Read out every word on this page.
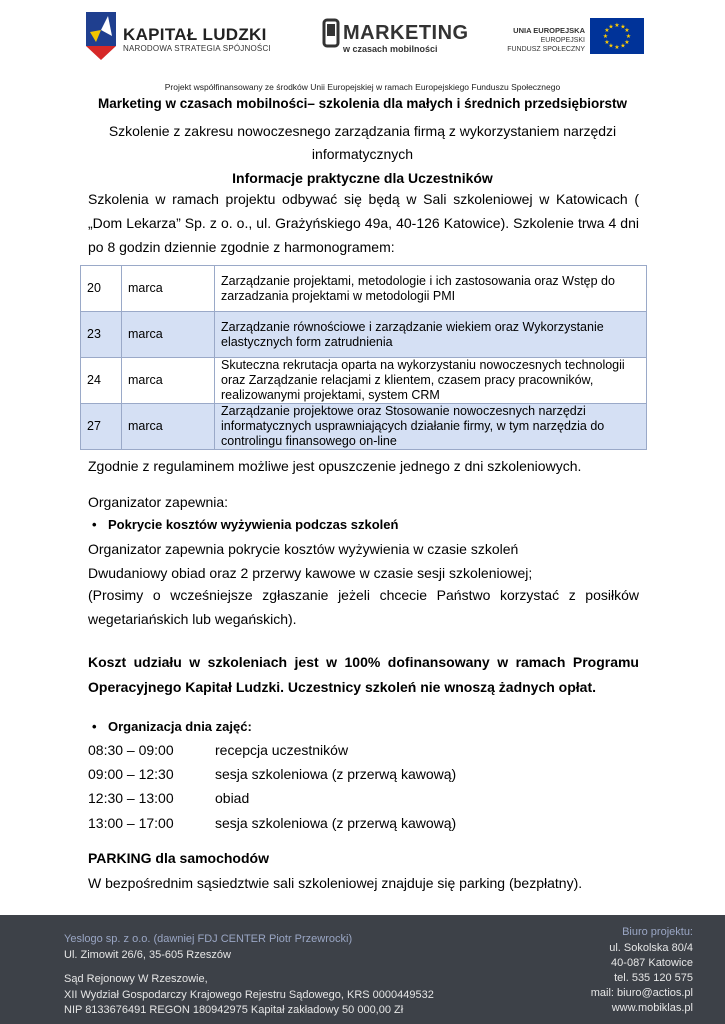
KAPITAŁ LUDZKI
NARODOWA STRATEGIA SPÓJNOŚCI
MARKETING
w czasach mobilności
UNIA EUROPEJSKA
EUROPEJSKI
FUNDUSZ SPOŁECZNY
★ ★
★
★
★
★
★
★
★
★
★
★
Projekt współfinansowany ze środków Unii Europejskiej w ramach Europejskiego Funduszu Społecznego
Marketing w czasach mobilności– szkolenia dla małych i średnich przedsiębiorstw
Szkolenie z zakresu nowoczesnego zarządzania firmą z wykorzystaniem narzędzi
informatycznych
Informacje praktyczne dla Uczestników
Szkolenia w ramach projektu odbywać się będą w Sali szkoleniowej w Katowicach ( „Dom Lekarza” Sp. z o. o., ul. Grażyńskiego 49a, 40-126 Katowice). Szkolenie trwa 4 dni po 8 godzin dziennie zgodnie z harmonogramem:
20	marca	Zarządzanie projektami, metodologie i ich zastosowania oraz Wstęp do zarzadzania projektami w metodologii PMI
23	marca	Zarządzanie równościowe i zarządzanie wiekiem oraz Wykorzystanie elastycznych form zatrudnienia
24	marca	Skuteczna rekrutacja oparta na wykorzystaniu nowoczesnych technologii oraz Zarządzanie relacjami z klientem, czasem pracy pracowników, realizowanymi projektami, system CRM
27	marca	Zarządzanie projektowe oraz Stosowanie nowoczesnych narzędzi informatycznych usprawniających działanie firmy, w tym narzędzia do controlingu finansowego on-line
Zgodnie z regulaminem możliwe jest opuszczenie jednego z dni szkoleniowych.
Organizator zapewnia:
• Pokrycie kosztów wyżywienia podczas szkoleń
Organizator zapewnia pokrycie kosztów wyżywienia w czasie szkoleń
Dwudaniowy obiad oraz 2 przerwy kawowe w czasie sesji szkoleniowej;
(Prosimy o wcześniejsze zgłaszanie jeżeli chcecie Państwo korzystać z posiłków wegetariańskich lub wegańskich).
Koszt udziału w szkoleniach jest w 100% dofinansowany w ramach Programu Operacyjnego Kapitał Ludzki. Uczestnicy szkoleń nie wnoszą żadnych opłat.
• Organizacja dnia zajęć:
08:30 – 09:00	recepcja uczestników
09:00 – 12:30	sesja szkoleniowa (z przerwą kawową)
12:30 – 13:00	obiad
13:00 – 17:00	sesja szkoleniowa (z przerwą kawową)
PARKING dla samochodów
W bezpośrednim sąsiedztwie sali szkoleniowej znajduje się parking (bezpłatny).
Yeslogo sp. z o.o. (dawniej FDJ CENTER Piotr Przewrocki)
Ul. Zimowit 26/6, 35-605 Rzeszów
Sąd Rejonowy W Rzeszowie,
XII Wydział Gospodarczy Krajowego Rejestru Sądowego, KRS 0000449532
NIP 8133676491 REGON 180942975 Kapitał zakładowy 50 000,00 Zł
Biuro projektu:
ul. Sokolska 80/4
40-087 Katowice
tel. 535 120 575
mail: biuro@actios.pl
www.mobiklas.pl
